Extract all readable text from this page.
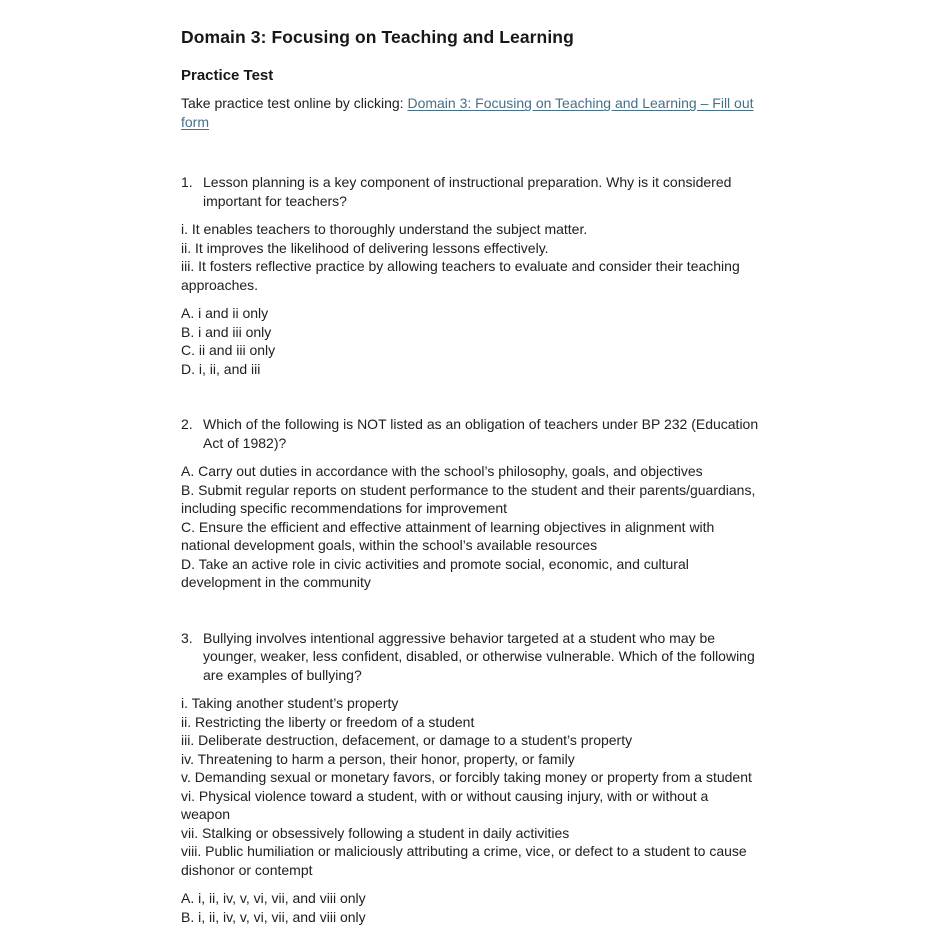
Domain 3: Focusing on Teaching and Learning
Practice Test

Take practice test online by clicking: Domain 3: Focusing on Teaching and Learning – Fill out form

1. Lesson planning is a key component of instructional preparation. Why is it considered important for teachers?
i. It enables teachers to thoroughly understand the subject matter.
ii. It improves the likelihood of delivering lessons effectively.
iii. It fosters reflective practice by allowing teachers to evaluate and consider their teaching approaches.
A. i and ii only
B. i and iii only
C. ii and iii only
D. i, ii, and iii
2. Which of the following is NOT listed as an obligation of teachers under BP 232 (Education Act of 1982)?
A. Carry out duties in accordance with the school’s philosophy, goals, and objectives
B. Submit regular reports on student performance to the student and their parents/guardians, including specific recommendations for improvement
C. Ensure the efficient and effective attainment of learning objectives in alignment with national development goals, within the school’s available resources
D. Take an active role in civic activities and promote social, economic, and cultural development in the community
3. Bullying involves intentional aggressive behavior targeted at a student who may be younger, weaker, less confident, disabled, or otherwise vulnerable. Which of the following are examples of bullying?
i. Taking another student’s property
ii. Restricting the liberty or freedom of a student
iii. Deliberate destruction, defacement, or damage to a student’s property
iv. Threatening to harm a person, their honor, property, or family
v. Demanding sexual or monetary favors, or forcibly taking money or property from a student
vi. Physical violence toward a student, with or without causing injury, with or without a weapon
vii. Stalking or obsessively following a student in daily activities
viii. Public humiliation or maliciously attributing a crime, vice, or defect to a student to cause dishonor or contempt
A. i, ii, iv, v, vi, vii, and viii only
B. i, ii, iv, v, vi, vii, and viii only
